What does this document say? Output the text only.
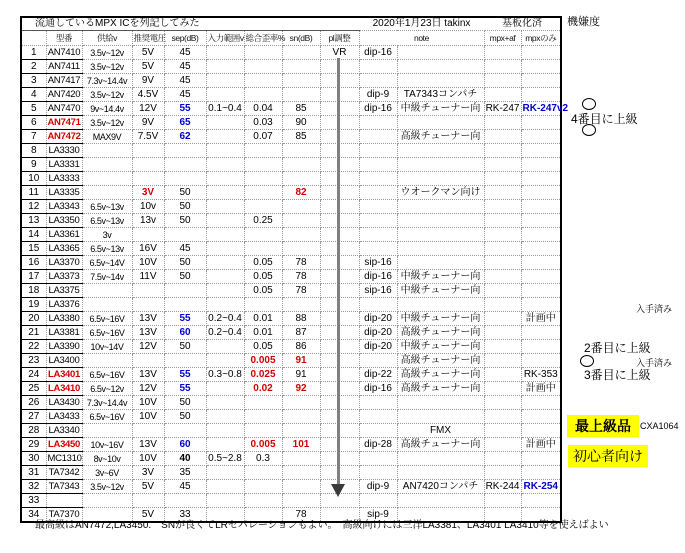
流通しているMPX ICを列記してみた									2020年1月23日 takinx		基板化済	
	型番	供給v	推奨電圧	sep(dB)	入力範囲v	総合歪率%	sn(dB)	pl調整	note		mpx+af	mpxのみ
1	AN7410	3.5v~12v	5V	45				VR	dip-16			
2	AN7411	3.5v~12v	5V	45								
3	AN7417	7.3v~14.4v	9V	45								
4	AN7420	3.5v~12v	4.5V	45					dip-9	TA7343コンパチ		
5	AN7470	9v~14.4v	12V	55	0.1~0.4	0.04	85		dip-16	中級チューナー向	RK-247	RK-247v2
6	AN7471	3.5v~12v	9V	65		0.03	90					
7	AN7472	MAX9V	7.5V	62		0.07	85			高級チューナー向		
8	LA3330											
9	LA3331											
10	LA3333											
11	LA3335		3V	50			82			ウオークマン向け		
12	LA3343	6.5v~13v	10v	50								
13	LA3350	6.5v~13v	13v	50		0.25						
14	LA3361	3v										
15	LA3365	6.5v~13v	16V	45								
16	LA3370	6.5v~14V	10V	50		0.05	78		sip-16			
17	LA3373	7.5v~14v	11V	50		0.05	78		dip-16	中級チューナー向		
18	LA3375					0.05	78		sip-16	中級チューナー向		
19	LA3376											
20	LA3380	6.5v~16V	13V	55	0.2~0.4	0.01	88		dip-20	中級チューナー向		計画中
21	LA3381	6.5v~16V	13V	60	0.2~0.4	0.01	87		dip-20	高級チューナー向		
22	LA3390	10v~14V	12V	50		0.05	86		dip-20	中級チューナー向		
23	LA3400					0.005	91			高級チューナー向		
24	LA3401	6.5v~16V	13V	55	0.3~0.8	0.025	91		dip-22	高級チューナー向		RK-353
25	LA3410	6.5v~12v	12V	55		0.02	92		dip-16	高級チューナー向		計画中
26	LA3430	7.3v~14.4v	10V	50								
27	LA3433	6.5v~16V	10V	50								
28	LA3340									FMX		
29	LA3450	10v~16V	13V	60		0.005	101		dip-28	高級チューナー向		計画中
30	MC1310	8v~10v	10V	40	0.5~2.8	0.3						
31	TA7342	3v~6V	3V	35								
32	TA7343	3.5v~12v	5V	45					dip-9	AN7420コンパチ	RK-244	RK-254
33												
34	TA7370		5V	33			78		sip-9			
機嫌度
4番目に上級
入手済み
2番目に上級
入手済み
3番目に上級
最上級品	CXA1064
初心者向け
最高級はAN7472,LA3450.　SNが良くてLRセパレーションもよい。　高級向けには三洋LA3381、LA3401 LA3410等を使えばよい
